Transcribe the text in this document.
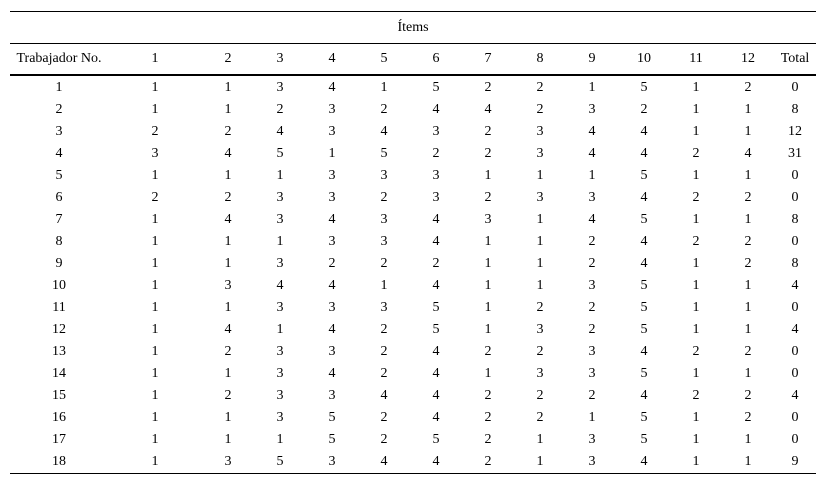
Ítems													
Trabajador No.	1	2	3	4	5	6	7	8	9	10	11	12	Total
1	1	1	3	4	1	5	2	2	1	5	1	2	0
2	1	1	2	3	2	4	4	2	3	2	1	1	8
3	2	2	4	3	4	3	2	3	4	4	1	1	12
4	3	4	5	1	5	2	2	3	4	4	2	4	31
5	1	1	1	3	3	3	1	1	1	5	1	1	0
6	2	2	3	3	2	3	2	3	3	4	2	2	0
7	1	4	3	4	3	4	3	1	4	5	1	1	8
8	1	1	1	3	3	4	1	1	2	4	2	2	0
9	1	1	3	2	2	2	1	1	2	4	1	2	8
10	1	3	4	4	1	4	1	1	3	5	1	1	4
11	1	1	3	3	3	5	1	2	2	5	1	1	0
12	1	4	1	4	2	5	1	3	2	5	1	1	4
13	1	2	3	3	2	4	2	2	3	4	2	2	0
14	1	1	3	4	2	4	1	3	3	5	1	1	0
15	1	2	3	3	4	4	2	2	2	4	2	2	4
16	1	1	3	5	2	4	2	2	1	5	1	2	0
17	1	1	1	5	2	5	2	1	3	5	1	1	0
18	1	3	5	3	4	4	2	1	3	4	1	1	9
